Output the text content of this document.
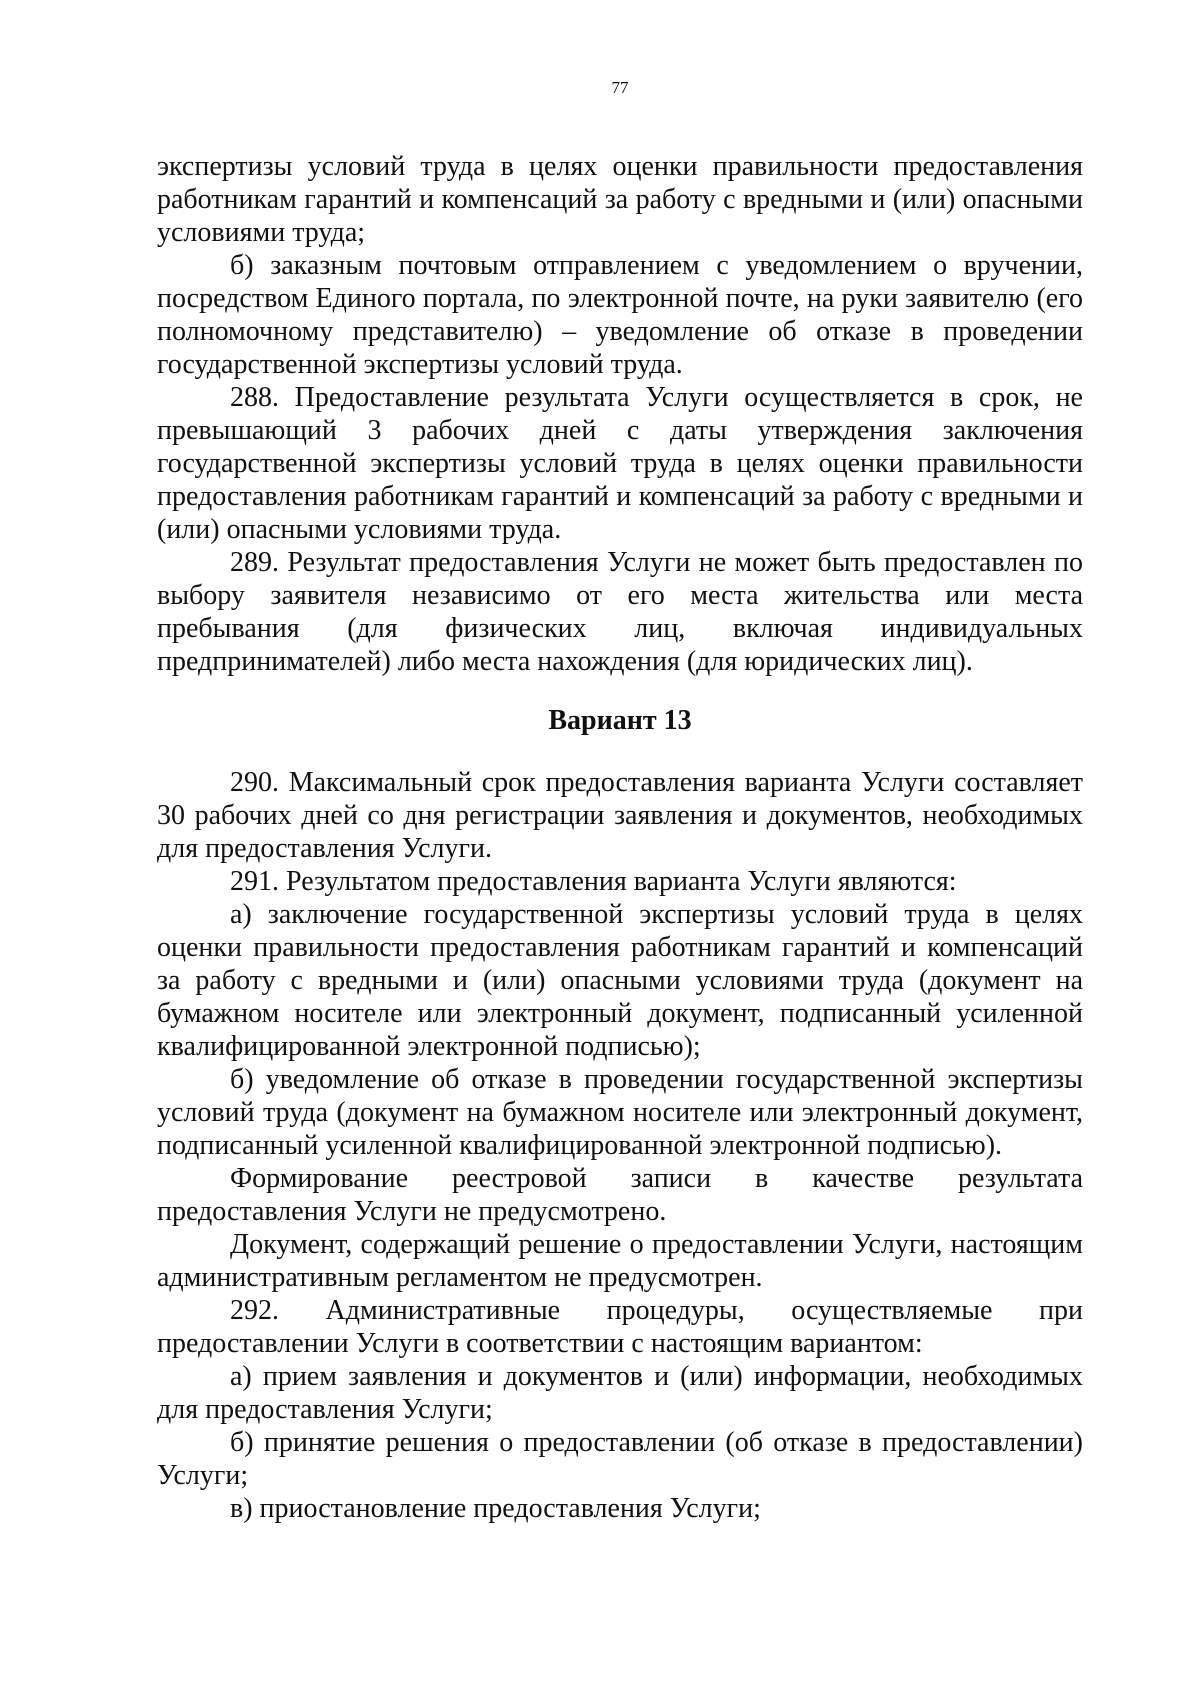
77

экспертизы условий труда в целях оценки правильности предоставления работникам гарантий и компенсаций за работу с вредными и (или) опасными условиями труда;

б) заказным почтовым отправлением с уведомлением о вручении, посредством Единого портала, по электронной почте, на руки заявителю (его полномочному представителю) – уведомление об отказе в проведении государственной экспертизы условий труда.

288. Предоставление результата Услуги осуществляется в срок, не превышающий 3 рабочих дней с даты утверждения заключения государственной экспертизы условий труда в целях оценки правильности предоставления работникам гарантий и компенсаций за работу с вредными и (или) опасными условиями труда.

289. Результат предоставления Услуги не может быть предоставлен по выбору заявителя независимо от его места жительства или места пребывания (для физических лиц, включая индивидуальных предпринимателей) либо места нахождения (для юридических лиц).

Вариант 13

290. Максимальный срок предоставления варианта Услуги составляет 30 рабочих дней со дня регистрации заявления и документов, необходимых для предоставления Услуги.

291. Результатом предоставления варианта Услуги являются:

а) заключение государственной экспертизы условий труда в целях оценки правильности предоставления работникам гарантий и компенсаций за работу с вредными и (или) опасными условиями труда (документ на бумажном носителе или электронный документ, подписанный усиленной квалифицированной электронной подписью);

б) уведомление об отказе в проведении государственной экспертизы условий труда (документ на бумажном носителе или электронный документ, подписанный усиленной квалифицированной электронной подписью).

Формирование реестровой записи в качестве результата предоставления Услуги не предусмотрено.

Документ, содержащий решение о предоставлении Услуги, настоящим административным регламентом не предусмотрен.

292. Административные процедуры, осуществляемые при предоставлении Услуги в соответствии с настоящим вариантом:

а) прием заявления и документов и (или) информации, необходимых для предоставления Услуги;

б) принятие решения о предоставлении (об отказе в предоставлении) Услуги;

в) приостановление предоставления Услуги;
